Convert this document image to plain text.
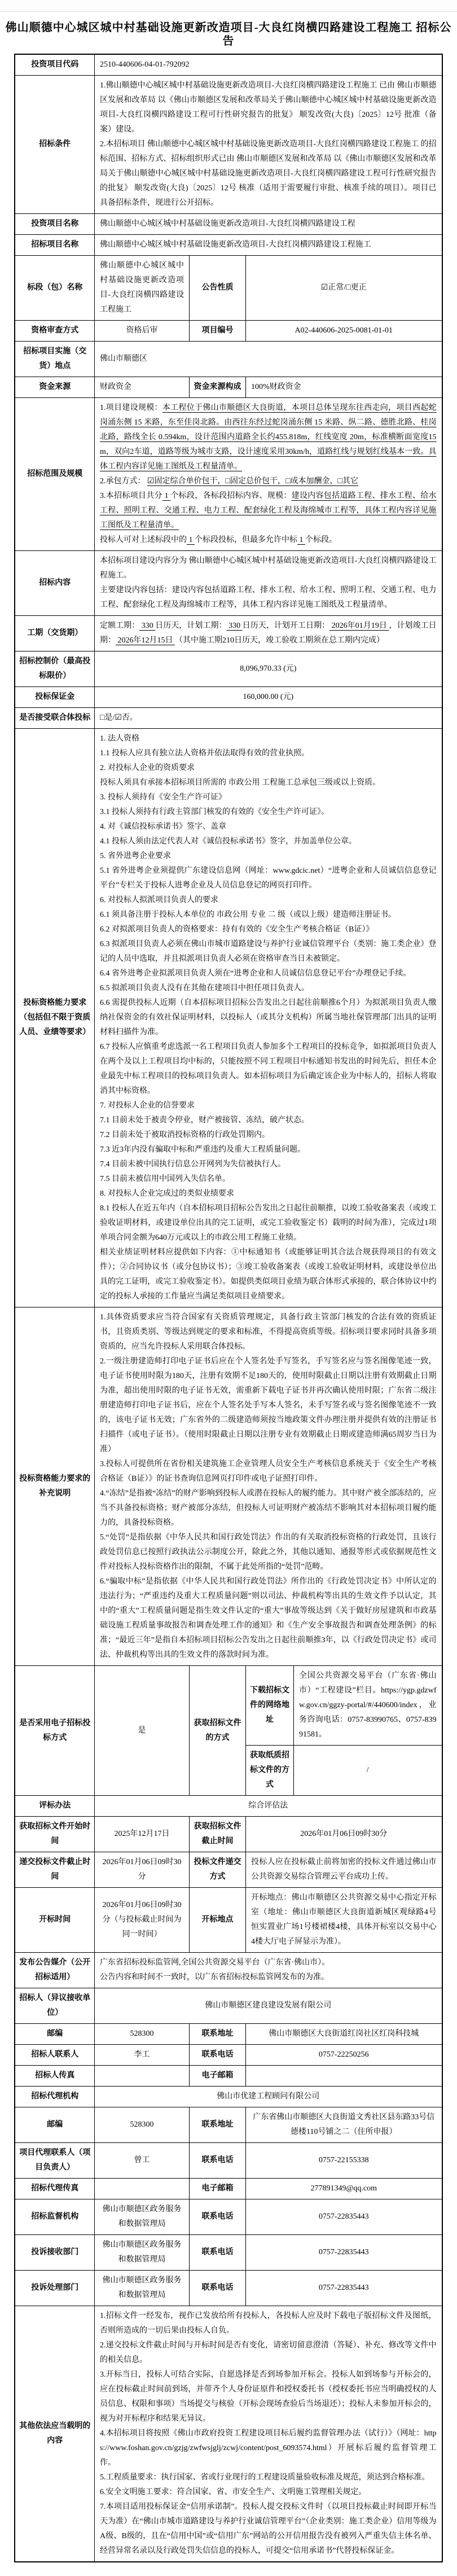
佛山顺德中心城区城中村基础设施更新改造项目-大良红岗横四路建设工程施工 招标公告
投资项目代码	2510-440606-04-01-792092			

招标条件	1.佛山顺德中心城区城中村基础设施更新改造项目-大良红岗横四路建设工程施工 已由 佛山市顺德区发展和改革局 以《佛山市顺德区发展和改革局关于佛山顺德中心城区城中村基础设施更新改造项目-大良红岗横四路建设工程可行性研究报告的批复》 顺发改资(大良)〔2025〕12号 批准（备案）建设。
2.本招标项目 佛山顺德中心城区城中村基础设施更新改造项目-大良红岗横四路建设工程施工 的招标范围、招标方式、招标组织形式已由 佛山市顺德区发展和改革局 以《佛山市顺德区发展和改革局关于佛山顺德中心城区城中村基础设施更新改造项目-大良红岗横四路建设工程可行性研究报告的批复》 顺发改资(大良)〔2025〕12号 核准（适用于需要履行审批、核准手续的项目）。项目已具备招标条件，现进行公开招标。			

投资项目名称	佛山顺德中心城区城中村基础设施更新改造项目-大良红岗横四路建设工程			

招标项目名称	佛山顺德中心城区城中村基础设施更新改造项目-大良红岗横四路建设工程施工			

标段（包）名称	佛山顺德中心城区城中村基础设施更新改造项目-大良红岗横四路建设工程施工	公告性质	☑正常/□更正	

资格审查方式	资格后审	项目编号	A02-440606-2025-0081-01-01	

招标项目实施（交货）地点	佛山市顺德区			

资金来源	财政资金	资金来源构成	100%财政资金	

招标范围及规模	1.项目建设规模：本工程位于佛山市顺德区大良街道，本项目总体呈现东往西走向，项目西起蛇岗涌东侧 15 米路，东至佳岗北路。由西往东经过蛇岗涌东侧 15 米路、纵二路、德胜北路、桂岗北路，路线全长 0.594km，设计范围内道路全长约455.818m，红线宽度 20m，标准横断面宽度15 m，双向2车道，道路等级为城市支路，设计速度采用30km/h，道路红线与规划红线基本一致。具体工程内容详见施工图纸及工程量清单。
2.承包方式： ☑固定综合单价包干，□固定总价包干，□成本加酬金，□其它
3.本招标项目共分 1 个标段，各标段招标内容、规模：建设内容包括道路工程、排水工程、给水工程、照明工程、交通工程、电力工程、配套绿化工程及海绵城市工程等，具体工程内容详见施工图纸及工程量清单。
投标人可对上述标段中的 1 个标段投标，但最多允许中标 1 个标段。			

招标内容	本招标项目建设内容分为 佛山顺德中心城区城中村基础设施更新改造项目-大良红岗横四路建设工程施工。
主要建设内容包括：建设内容包括道路工程、排水工程、给水工程、照明工程、交通工程、电力工程、配套绿化工程及海绵城市工程等，具体工程内容详见施工图纸及工程量清单。			

工期（交货期）	定额工期： 330 日历天，计划工期： 330 日历天，计划开工日期： 2026年01月19日 ，计划竣工日期： 2026年12月15日 （其中施工期210日历天，竣工验收工期须在总工期内完成）			

招标控制价（最高投标限价）	8,096,970.33 (元)			

投标保证金	160,000.00 (元)			

是否接受联合体投标	□是/☑否。			

投标资格能力要求（包括但不限于资质人员、业绩等要求）

1. 法人资格
1.1 投标人应具有独立法人资格并依法取得有效的营业执照。
2. 对投标人企业的资质要求
投标人须具有承接本招标项目所需的 市政公用 工程施工总承包三级或以上资质。
3. 投标人须持有《安全生产许可证》
3.1 投标人须持有行政主管部门核发的有效的《安全生产许可证》。
4. 对《诚信投标承诺书》签字、盖章
4.1 投标人须由法定代表人对《诚信投标承诺书》签字，并加盖单位公章。
5. 省外进粤企业要求
5.1 省外进粤企业须提供广东建设信息网（网址：www.gdcic.net）“进粤企业和人员诚信信息登记平台”专栏关于投标人进粤企业及人员信息登记的网页打印件。
6. 对投标人拟派项目负责人的要求
6.1 须具备注册于投标人本单位的 市政公用 专业 二 级（或以上级）建造师注册证书。
6.2 对拟派项目负责人的资格要求：持有有效的《安全生产考核合格证（B证）》
6.3 拟派项目负责人必须在佛山市城市道路建设与养护行业诚信管理平台（类别：施工类企业）登记的人员中选取，并且拟派项目负责人必须在资格审查当日未被锁定。
6.4 省外进粤企业拟派项目负责人须在“进粤企业和人员诚信信息登记平台”办理登记手续。
6.5 拟派项目负责人没有在其他在建项目中担任项目负责人。
6.6 需提供投标人近期（自本招标项目招标公告发出之日起往前顺推6个月）为拟派项目负责人缴纳社保资金的有效社保证明材料，以投标人（或其分支机构）所属当地社保管理部门出具的证明材料扫描件为准。
6.7 投标人应慎重考虑选派一名工程项目负责人参加多个工程项目的投标竞争，如拟派项目负责人在两个及以上工程项目均中标的，只能按照不同工程项目中标通知书发出的时间先后，担任本企业最先中标工程项目的投标项目负责人。如本招标项目为后确定该企业为中标人的，招标人将取消其中标资格。
7. 对投标人企业的信誉要求
7.1 目前未处于被责令停业，财产被接管、冻结，破产状态。
7.2 目前未处于被取消投标资格的行政处罚期内。
7.3 近3年内没有骗取中标和严重违约及重大工程质量问题。
7.4 目前未被中国执行信息公开网列为失信被执行人。
7.5 目前未被信用中国列入失信名单。
8. 对投标人企业完成过的类似业绩要求
8.1 投标人在近五年内（自本招标项目招标公告发出之日起往前顺推，以竣工验收备案表（或竣工验收证明材料，或建设单位出具的完工证明，或完工验收鉴定书）载明的时间为准），完成过1项单项合同金额为640万元或以上的市政公用工程施工业绩。
相关业绩证明材料应提供如下内容：①中标通知书（或能够证明其合法合规获得项目的有效文件）；②合同协议书（或分包协议书）；③竣工验收备案表（或竣工验收证明材料，或建设单位出具的完工证明，或完工验收鉴定书）。如提供类似项目业绩为联合体形式承接的，联合体协议中约定的投标人承接的工作量应当满足类似项目业绩要求。

投标资格能力要求的补充说明

1.具体资质要求应当符合国家有关资质管理规定，具备行政主管部门核发的合法有效的资质证书，且资质类别、等级达到规定的要求和标准，不得提高资质等级。招标项目要求同时具备多项资质的，应当允许投标人采用联合体投标。
2.一级注册建造师打印电子证书后应在个人签名处手写签名，手写签名应与签名图像笔迹一致，电子证书使用时限为180天，注册有效期不足180天的，使用时限截止日期以注册有效期截止日期为准，超出使用时限的电子证书无效，需重新下载电子证书并再次确认使用时限；广东省二级注册建造师打印电子证书后，应在个人签名处手写本人签名，未手写签名或与签名图像笔迹不一致的，该电子证书无效；广东省外的二级建造师须按当地政策文件办理注册并提供有效的注册证书扫描件（或电子证书）。（使用时限截止日期以注册专业有效期截止日期或建造师满65周岁当日为准）
3.投标人可提供所在省份相关建筑施工企业管理人员安全生产考核信息系统关于《安全生产考核合格证（B证）》的证书查询信息网页打印件或电子证照打印件。
4.“冻结”是指被“冻结”的财产影响到投标人或潜在投标人的履约能力。其中财产被全部冻结的，应当不具备投标资格；财产被部分冻结，但投标人可证明财产被冻结不影响其对本招标项目履约能力的，具备投标资格。
5.“处罚”是指依据《中华人民共和国行政处罚法》作出的有关取消投标资格的行政处罚，且该行政处罚信息已按照行政执法公示制度公开，除此之外，其他以通知、通报等形式或依据规范性文件对投标人投标资格作出的限制，不属于此处所指的“处罚”范畴。
6.“骗取中标”是指依据《中华人民共和国行政处罚法》所作出的《行政处罚决定书》中所认定的违法行为；“严重违约及重大工程质量问题”则以司法、仲裁机构等出具的生效文件予以认定，其中的“重大”工程质量问题是指生效文件认定的“重大”事故等级达到《关于做好房屋建筑和市政基础设施工程质量事故报告和调查处理工作的通知》和《生产安全事故报告和调查处理条例》的标准；“最近三年”是指自本招标项目招标公告发出之日起往前顺推3年，以《行政处罚决定书》或司法、仲裁机构等出具的生效文件的落款时间为准。

是否采用电子招标投标方式	是	获取招标文件的方式	下载招标文件的网络地址	全国公共资源交易平台（广东省·佛山市）“工程建设”栏目。https://ygp.gdzwfw.gov.cn/ggzy-portal/#/440600/index，业务咨询电话：0757-83990765、0757-83991581。

			获取纸质招标文件的方式	/

评标办法	综合评估法			

获取招标文件开始时间	2025年12月17日	获取招标文件截止时间	2026年01月06日09时30分	

递交投标文件截止时间	2026年01月06日09时30分	投标文件递交方式	投标人应在投标截止前将加密的投标文件通过佛山市公共资源交易综合管理云平台成功上传。	

开标时间	2026年01月06日09时30分（与投标截止时间为同一时间）	开标地点	开标地点：佛山市顺德区公共资源交易中心指定开标室（地址：佛山市顺德区大良街道新城区观绿路4号恒实置业广场1号楼裙楼4楼，具体开标室以交易中心4楼大厅电子屏显示为准）。	

发布公告媒介（公开招标适用）	广东省招标投标监管网,全国公共资源交易平台（广东省·佛山市）。
公告内容和时间不一致时，以广东省招标投标监管网发布的为准。			

招标人（异议接收单位）	佛山市顺德区建良建设发展有限公司			

邮编	528300	联系地址	佛山市顺德区大良街道红岗社区红岗科技城	

招标人联系人	李工	联系电话	0757-22250256	

招标人传真		电子邮箱		

招标代理机构	佛山市优建工程顾问有限公司			

邮编	528300	联系地址	广东省佛山市顺德区大良街道文秀社区县东路33号信德楼110号铺之二（住所申报）	

项目代理联系人（项目负责人）	曾工	联系电话	0757-22155338	

招标代理传真		电子邮箱	277891349@qq.com	

招标监督机构	佛山市顺德区政务服务和数据管理局	联系电话	0757-22835443	

投诉接收部门	佛山市顺德区政务服务和数据管理局	联系电话	0757-22835443	

投诉处理部门	佛山市顺德区政务服务和数据管理局	联系电话	0757-22835443	

其他依法应当载明的内容

1.招标文件一经发布，视作已发放给所有投标人，各投标人应及时下载电子版招标文件及图纸，否则所造成的一切后果由投标人自负。
2.递交投标文件截止时间与开标时间是否有变化，请密切留意澄清（答疑）、补充、修改等文件中的相关信息。
3.开标当日，投标人可结合实际，自愿选择是否到场参加开标会。投标人如到场参与开标会的，应在投标截止时间前到场，并带齐个人身份证原件和授权委托书（授权委托书应当明确授权的人员信息、权限和事项）当场提交与核验（开标会现场查验后当场退还）；投标人未参加开标会的，视为对开标程序和结果无异议。
4.本招标项目将按照《佛山市政府投资工程建设项目标后履约监督管理办法（试行）》（网址：https://www.foshan.gov.cn/gzjg/zwfwsjglj/zcwj/content/post_6093574.html）开展标后履约监督管理工作。
5.工程质量要求：执行国家、省或行业现行的工程建设质量验收标准及规范，须达到合格标准。
6.安全文明施工要求：符合国家、省、市安全生产、文明施工管理相关规定。
7.本项目适用投标保证金“信用承诺制”。投标人提交投标文件时（以项目投标截止时间即开标当天为准）在“佛山市城市道路建设与养护行业诚信管理平台”（企业类别：施工类企业）信用等级为A级、B级的，且在“信用中国”或“信用广东”网站的公开信用报告没有被列入严重失信主体名单、经营异常名录以及行政处罚失信信息的投标人，可提交“信用承诺书”代替投标保证金。
